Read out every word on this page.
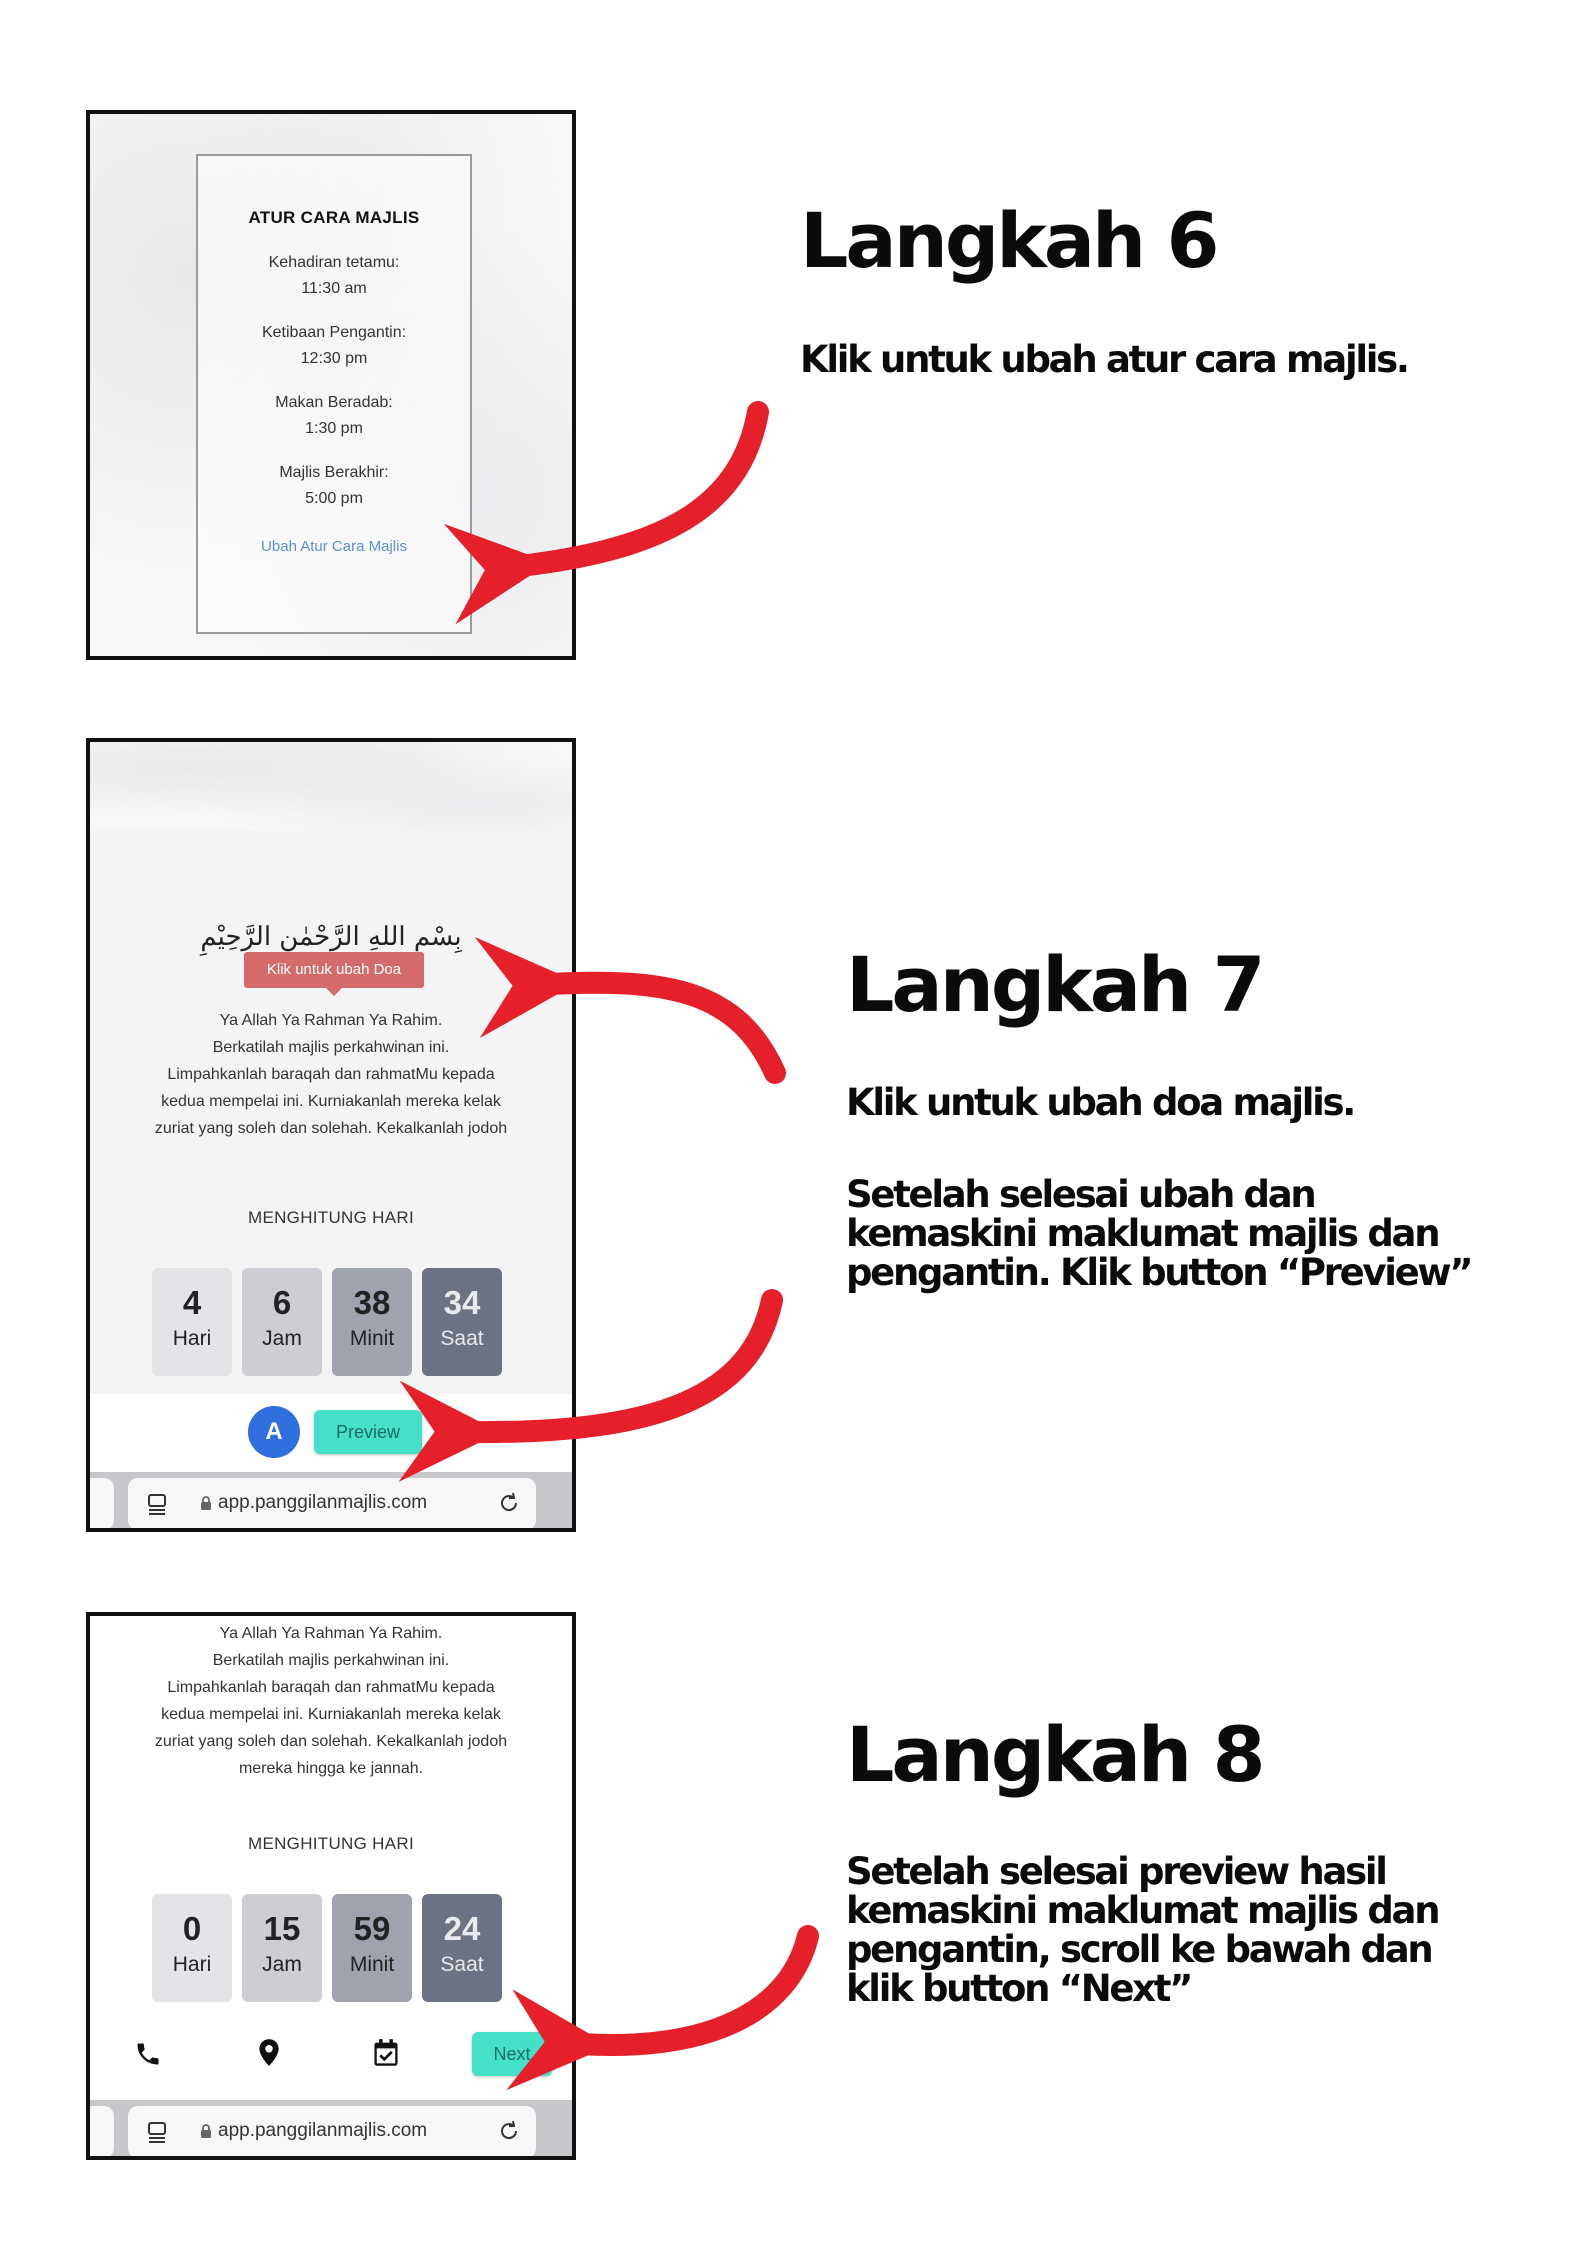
ATUR CARA MAJLIS
Kehadiran tetamu:
11:30 am
Ketibaan Pengantin:
12:30 pm
Makan Beradab:
1:30 pm
Majlis Berakhir:
5:00 pm
Ubah Atur Cara Majlis
Langkah 6
Klik untuk ubah atur cara majlis.
بِسْمِ اللهِ الرَّحْمٰنِ الرَّحِيْمِ
Klik untuk ubah Doa
Ya Allah Ya Rahman Ya Rahim.
Berkatilah majlis perkahwinan ini.
Limpahkanlah baraqah dan rahmatMu kepada
kedua mempelai ini. Kurniakanlah mereka kelak
zuriat yang soleh dan solehah. Kekalkanlah jodoh
MENGHITUNG HARI
4
Hari
6
Jam
38
Minit
34
Saat
A	Preview
app.panggilanmajlis.com
Langkah 7
Klik untuk ubah doa majlis.
Setelah selesai ubah dan kemaskini maklumat majlis dan pengantin. Klik button “Preview”
Ya Allah Ya Rahman Ya Rahim.
Berkatilah majlis perkahwinan ini.
Limpahkanlah baraqah dan rahmatMu kepada
kedua mempelai ini. Kurniakanlah mereka kelak
zuriat yang soleh dan solehah. Kekalkanlah jodoh
mereka hingga ke jannah.
MENGHITUNG HARI
0
Hari
15
Jam
59
Minit
24
Saat
Next
app.panggilanmajlis.com
Langkah 8
Setelah selesai preview hasil kemaskini maklumat majlis dan pengantin, scroll ke bawah dan klik button “Next”
